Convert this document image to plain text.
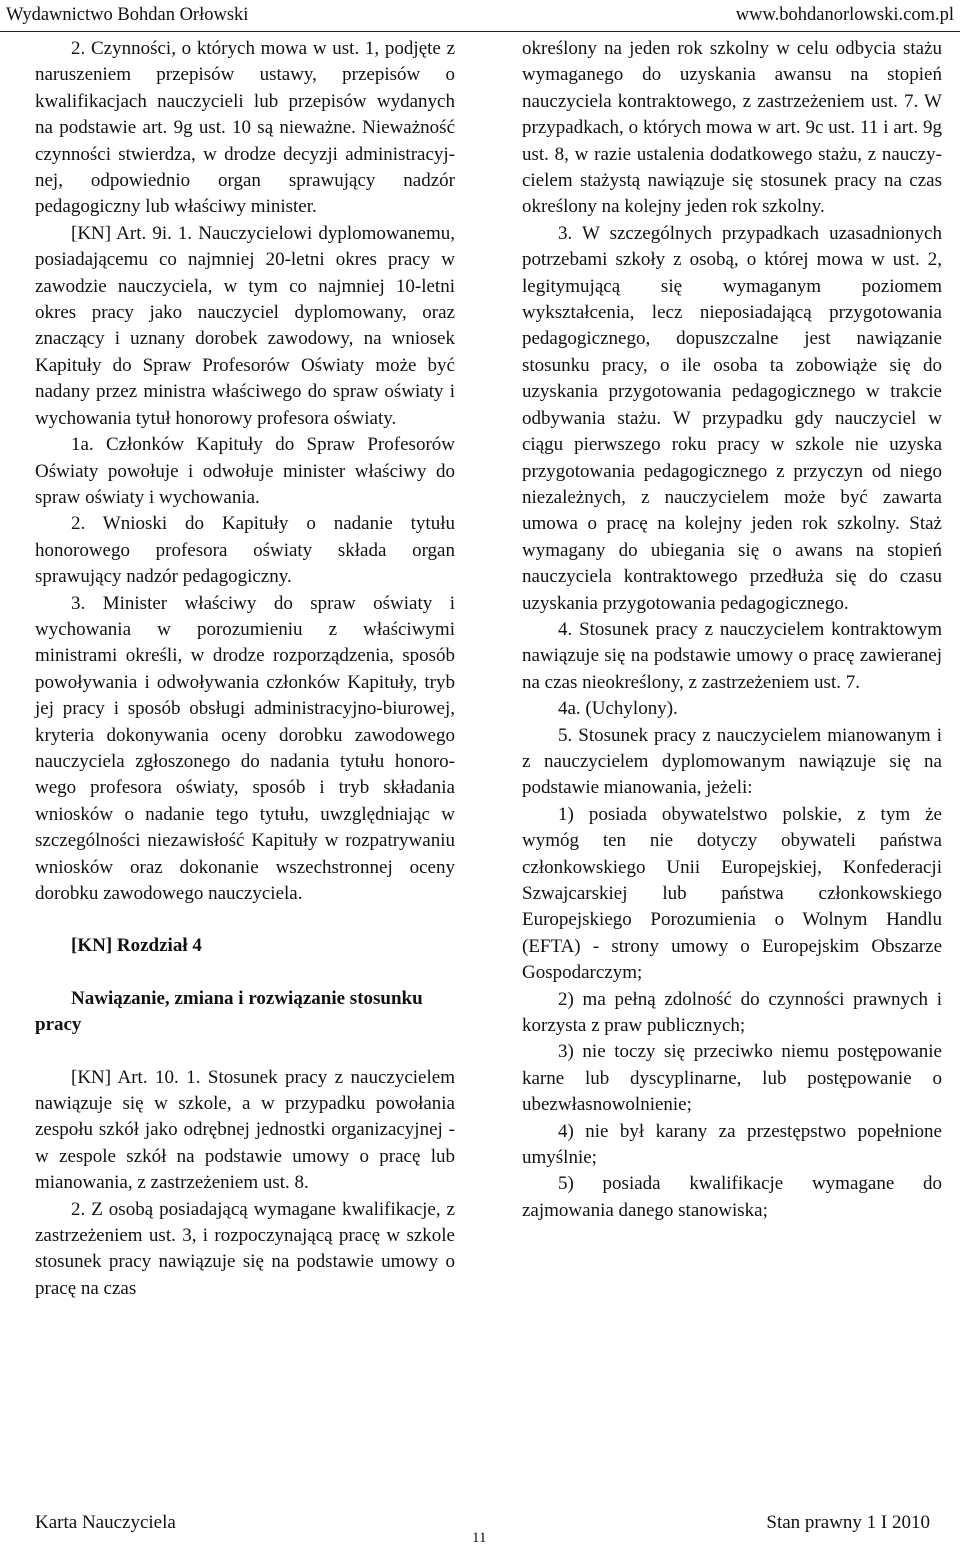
Wydawnictwo Bohdan Orłowski	www.bohdanorlowski.com.pl

2. Czynności, o których mowa w ust. 1, podjęte z naruszeniem przepisów ustawy, przepisów o kwalifikacjach nauczycieli lub przepisów wydanych na podstawie art. 9g ust. 10 są nieważne. Nieważność czynności stwierdza, w drodze decyzji administracyjnej, odpowiednio organ sprawujący nadzór pedagogiczny lub właściwy minister.

[KN] Art. 9i. 1. Nauczycielowi dyplomowanemu, posiadającemu co najmniej 20-letni okres pracy w zawodzie nauczyciela, w tym co najmniej 10-letni okres pracy jako nauczyciel dyplomowany, oraz znaczący i uznany dorobek zawodowy, na wniosek Kapituły do Spraw Profesorów Oświaty może być nadany przez ministra właściwego do spraw oświaty i wychowania tytuł honorowy profesora oświaty.

1a. Członków Kapituły do Spraw Profesorów Oświaty powołuje i odwołuje minister właściwy do spraw oświaty i wychowania.

2. Wnioski do Kapituły o nadanie tytułu honorowego profesora oświaty składa organ sprawujący nadzór pedagogiczny.

3. Minister właściwy do spraw oświaty i wychowania w porozumieniu z właściwymi ministrami określi, w drodze rozporządzenia, sposób powoływania i odwoływania członków Kapituły, tryb jej pracy i sposób obsługi administracyjno-biurowej, kryteria dokonywania oceny dorobku zawodowego nauczyciela zgłoszonego do nadania tytułu honorowego profesora oświaty, sposób i tryb składania wniosków o nadanie tego tytułu, uwzględniając w szczególności niezawisłość Kapituły w rozpatrywaniu wniosków oraz dokonanie wszechstronnej oceny dorobku zawodowego nauczyciela.

[KN] Rozdział 4

Nawiązanie, zmiana i rozwiązanie stosunku pracy

[KN] Art. 10. 1. Stosunek pracy z nauczycielem nawiązuje się w szkole, a w przypadku powołania zespołu szkół jako odrębnej jednostki organizacyjnej - w zespole szkół na podstawie umowy o pracę lub mianowania, z zastrzeżeniem ust. 8.

2. Z osobą posiadającą wymagane kwalifikacje, z zastrzeżeniem ust. 3, i rozpoczynającą pracę w szkole stosunek pracy nawiązuje się na podstawie umowy o pracę na czas

określony na jeden rok szkolny w celu odbycia stażu wymaganego do uzyskania awansu na stopień nauczyciela kontraktowego, z zastrzeżeniem ust. 7. W przypadkach, o których mowa w art. 9c ust. 11 i art. 9g ust. 8, w razie ustalenia dodatkowego stażu, z nauczycielem stażystą nawiązuje się stosunek pracy na czas określony na kolejny jeden rok szkolny.

3. W szczególnych przypadkach uzasadnionych potrzebami szkoły z osobą, o której mowa w ust. 2, legitymującą się wymaganym poziomem wykształcenia, lecz nieposiadającą przygotowania pedagogicznego, dopuszczalne jest nawiązanie stosunku pracy, o ile osoba ta zobowiąże się do uzyskania przygotowania pedagogicznego w trakcie odbywania stażu. W przypadku gdy nauczyciel w ciągu pierwszego roku pracy w szkole nie uzyska przygotowania pedagogicznego z przyczyn od niego niezależnych, z nauczycielem może być zawarta umowa o pracę na kolejny jeden rok szkolny. Staż wymagany do ubiegania się o awans na stopień nauczyciela kontraktowego przedłuża się do czasu uzyskania przygotowania pedagogicznego.

4. Stosunek pracy z nauczycielem kontraktowym nawiązuje się na podstawie umowy o pracę zawieranej na czas nieokreślony, z zastrzeżeniem ust. 7.

4a. (Uchylony).

5. Stosunek pracy z nauczycielem mianowanym i z nauczycielem dyplomowanym nawiązuje się na podstawie mianowania, jeżeli:

1) posiada obywatelstwo polskie, z tym że wymóg ten nie dotyczy obywateli państwa członkowskiego Unii Europejskiej, Konfederacji Szwajcarskiej lub państwa członkowskiego Europejskiego Porozumienia o Wolnym Handlu (EFTA) - strony umowy o Europejskim Obszarze Gospodarczym;

2) ma pełną zdolność do czynności prawnych i korzysta z praw publicznych;

3) nie toczy się przeciwko niemu postępowanie karne lub dyscyplinarne, lub postępowanie o ubezwłasnowolnienie;

4) nie był karany za przestępstwo popełnione umyślnie;

5) posiada kwalifikacje wymagane do zajmowania danego stanowiska;

Karta Nauczyciela
11
Stan prawny 1 I 2010
